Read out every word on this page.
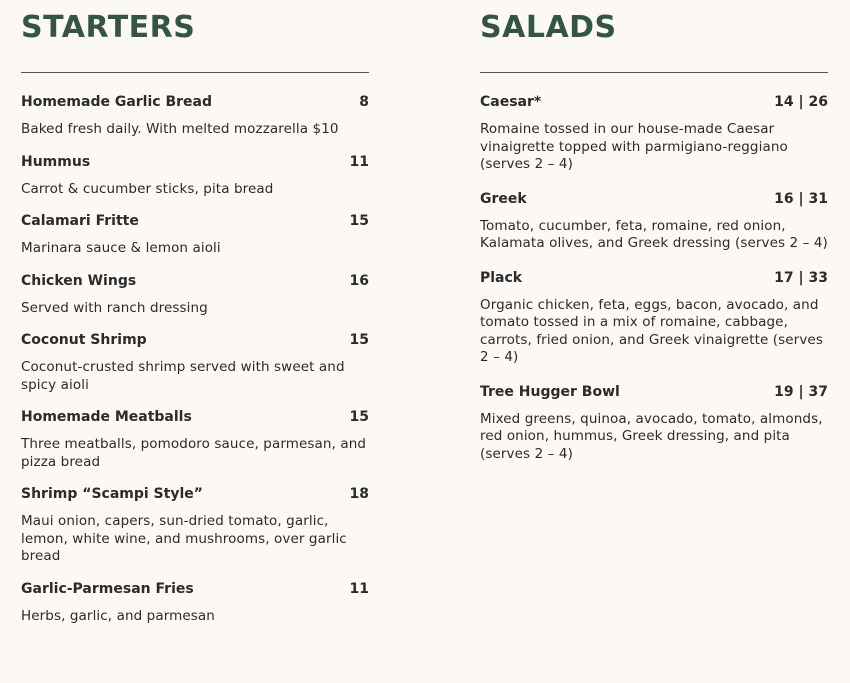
STARTERS
Homemade Garlic Bread	8
Baked fresh daily. With melted mozzarella $10
Hummus	11
Carrot & cucumber sticks, pita bread
Calamari Fritte	15
Marinara sauce & lemon aioli
Chicken Wings	16
Served with ranch dressing
Coconut Shrimp	15
Coconut-crusted shrimp served with sweet and spicy aioli
Homemade Meatballs	15
Three meatballs, pomodoro sauce, parmesan, and pizza bread
Shrimp “Scampi Style”	18
Maui onion, capers, sun-dried tomato, garlic, lemon, white wine, and mushrooms, over garlic bread
Garlic-Parmesan Fries	11
Herbs, garlic, and parmesan
SALADS
Caesar*	14 | 26
Romaine tossed in our house-made Caesar vinaigrette topped with parmigiano-reggiano (serves 2 – 4)
Greek	16 | 31
Tomato, cucumber, feta, romaine, red onion, Kalamata olives, and Greek dressing (serves 2 – 4)
Plack	17 | 33
Organic chicken, feta, eggs, bacon, avocado, and tomato tossed in a mix of romaine, cabbage, carrots, fried onion, and Greek vinaigrette (serves 2 – 4)
Tree Hugger Bowl	19 | 37
Mixed greens, quinoa, avocado, tomato, almonds, red onion, hummus, Greek dressing, and pita (serves 2 – 4)
